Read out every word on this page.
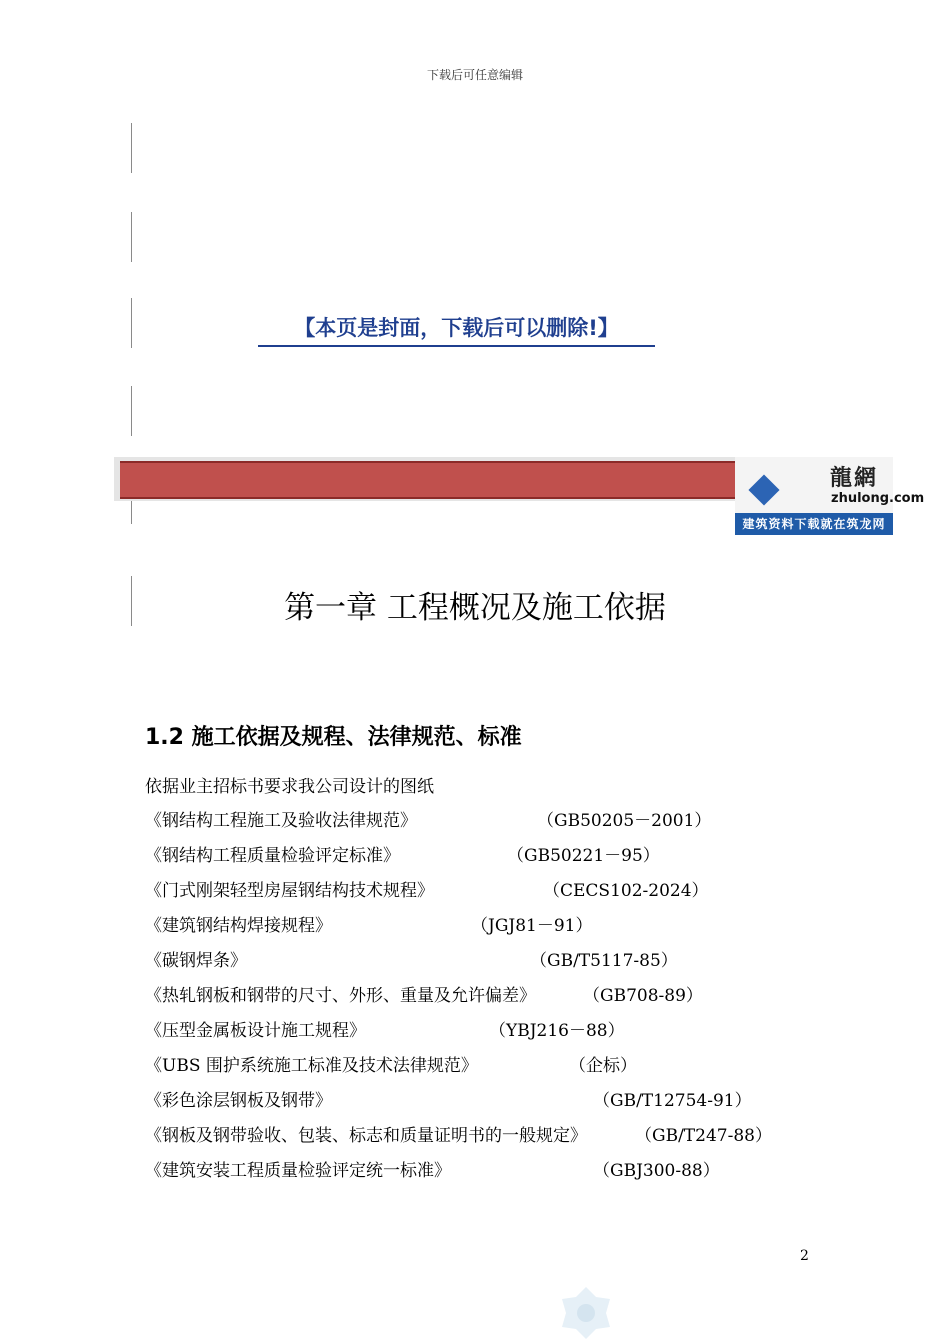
下载后可任意编辑
【本页是封面，下载后可以删除!】
龍網
zhulong.com
建筑资料下载就在筑龙网
第一章 工程概况及施工依据
1.2 施工依据及规程、法律规范、标准
依据业主招标书要求我公司设计的图纸
《钢结构工程施工及验收法律规范》	（GB50205－2001）
《钢结构工程质量检验评定标准》	（GB50221－95）
《门式刚架轻型房屋钢结构技术规程》	（CECS102-2024）
《建筑钢结构焊接规程》	（JGJ81－91）
《碳钢焊条》	（GB/T5117-85）
《热轧钢板和钢带的尺寸、外形、重量及允许偏差》	（GB708-89）
《压型金属板设计施工规程》	（YBJ216－88）
《UBS 围护系统施工标准及技术法律规范》	（企标）
《彩色涂层钢板及钢带》	（GB/T12754-91）
《钢板及钢带验收、包装、标志和质量证明书的一般规定》	（GB/T247-88）
《建筑安装工程质量检验评定统一标准》	（GBJ300-88）
2
